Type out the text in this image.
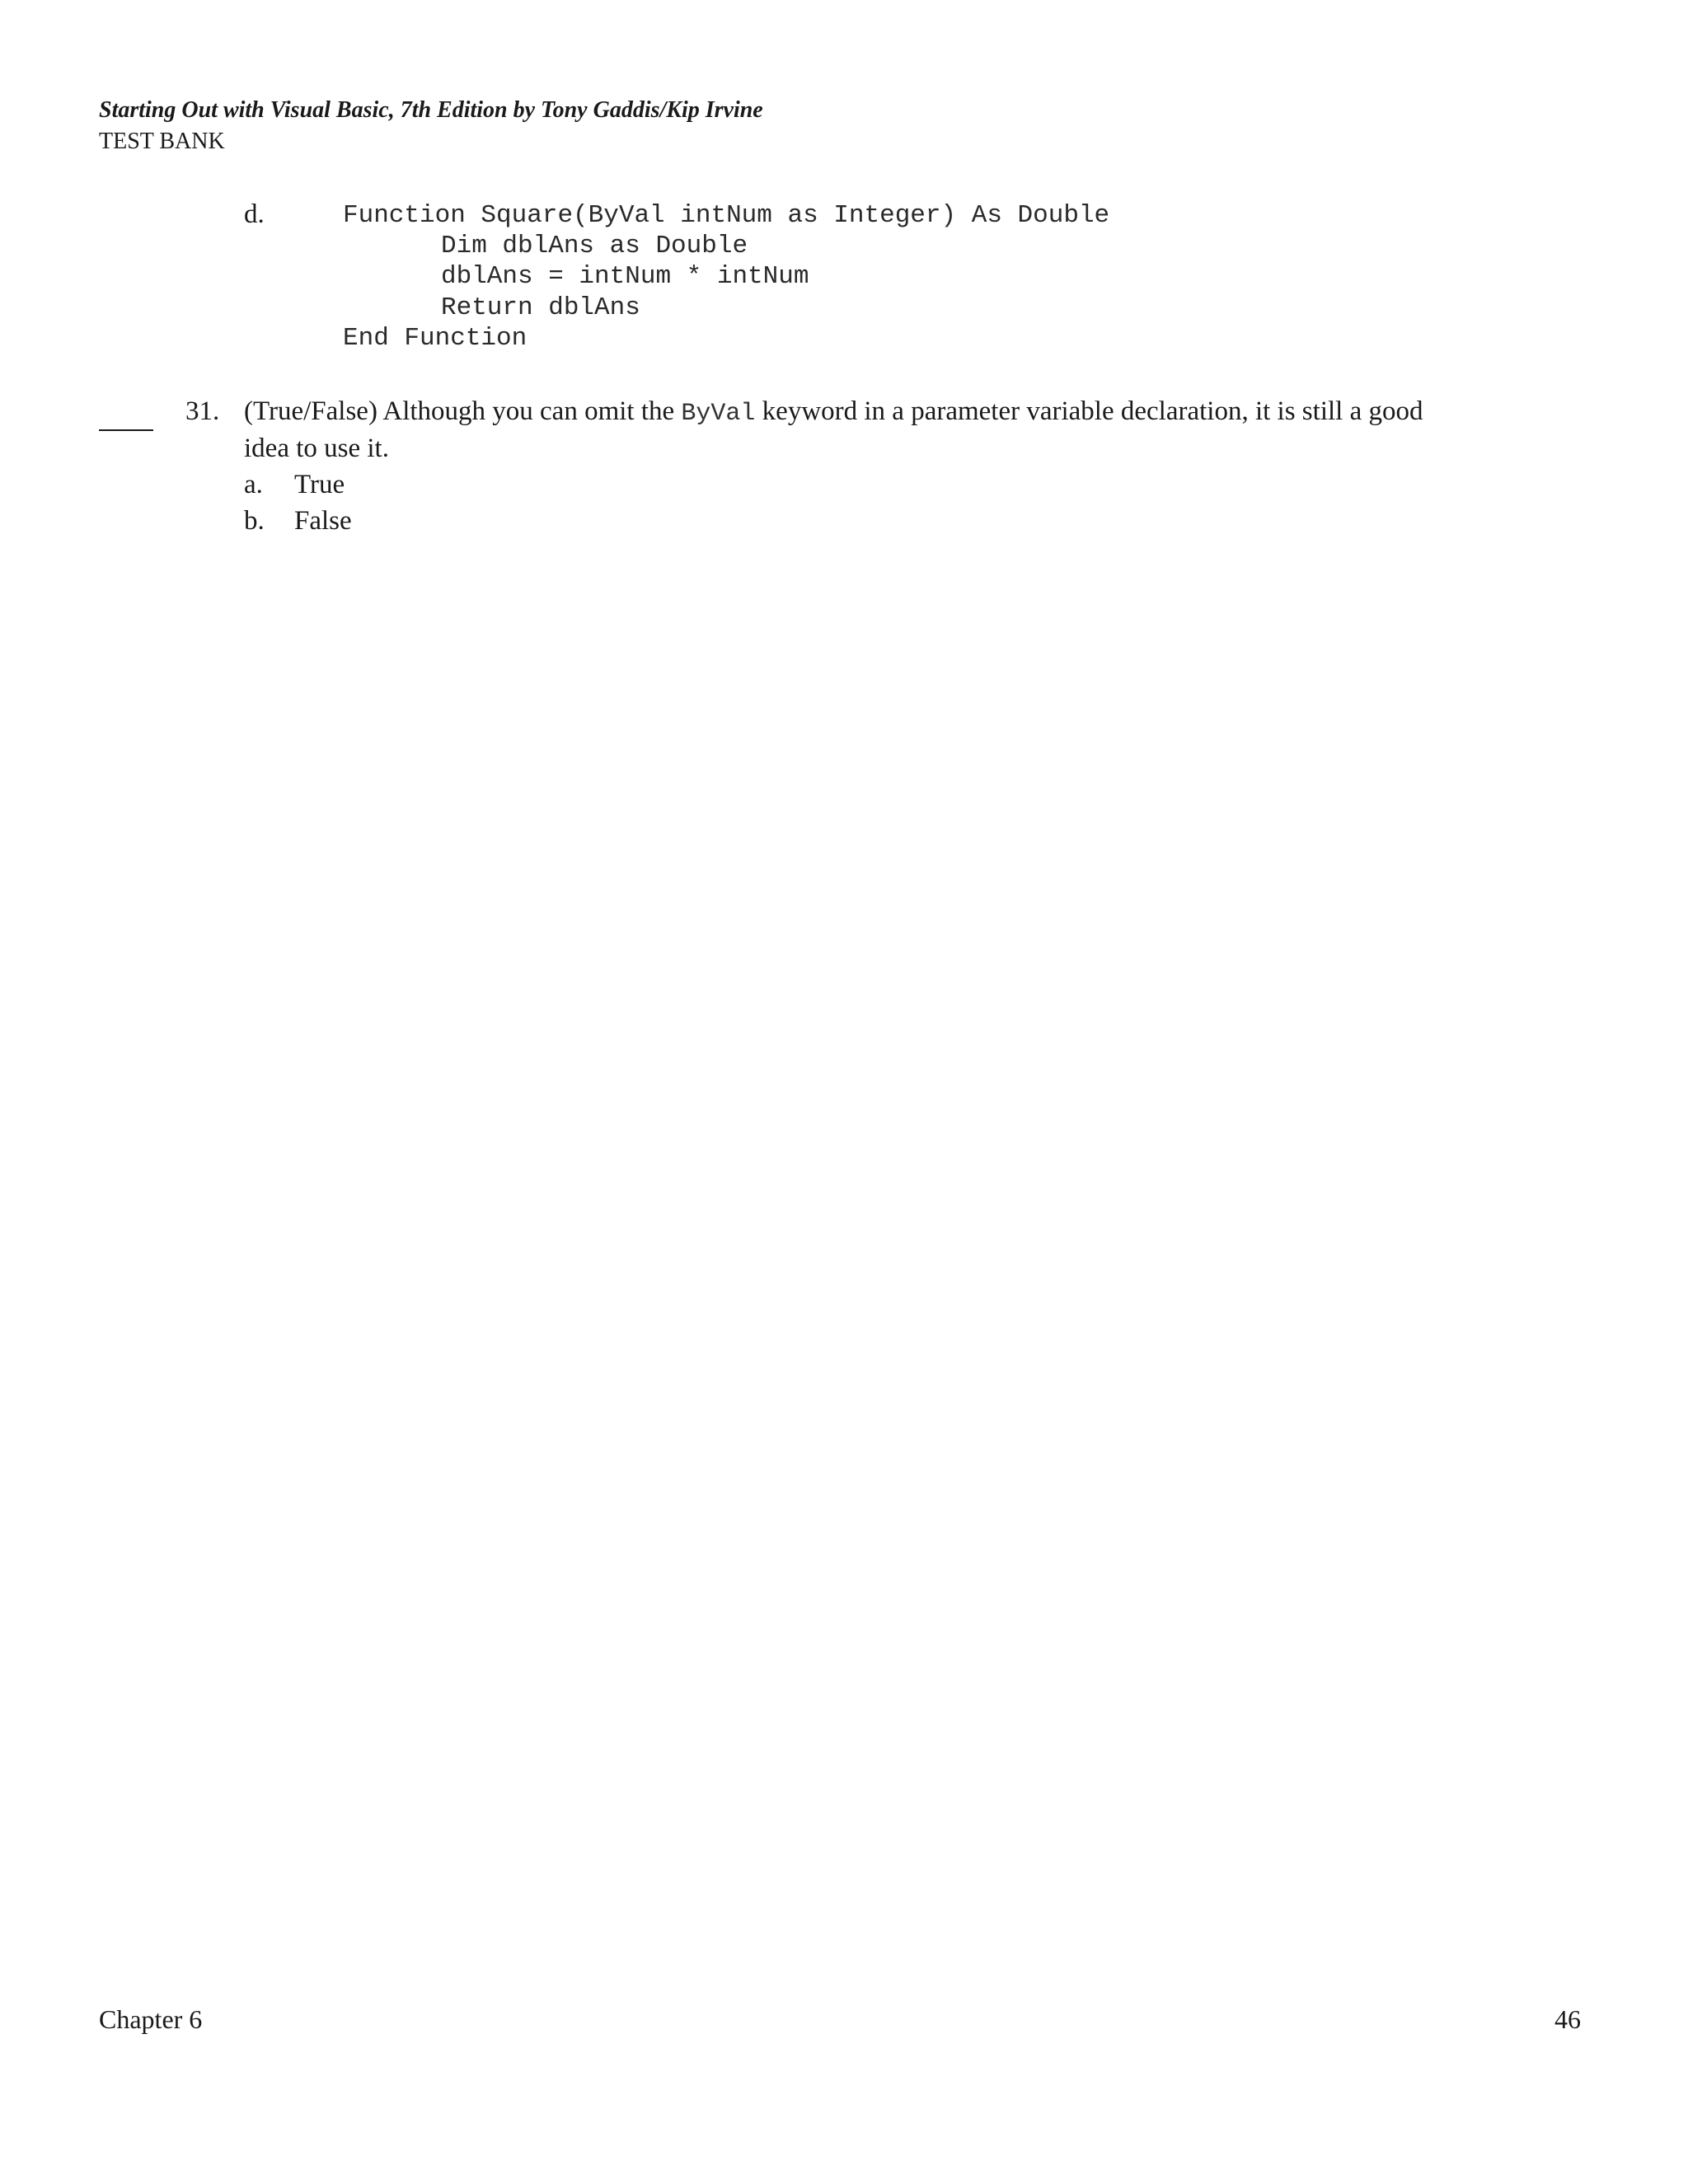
Starting Out with Visual Basic, 7th Edition by Tony Gaddis/Kip Irvine
TEST BANK
d.	Function Square(ByVal intNum as Integer) As Double
Dim dblAns as Double
dblAns = intNum * intNum
Return dblAns
End Function
31. (True/False) Although you can omit the ByVal keyword in a parameter variable declaration, it is still a good
idea to use it.
a. True
b. False
Chapter 6	46
